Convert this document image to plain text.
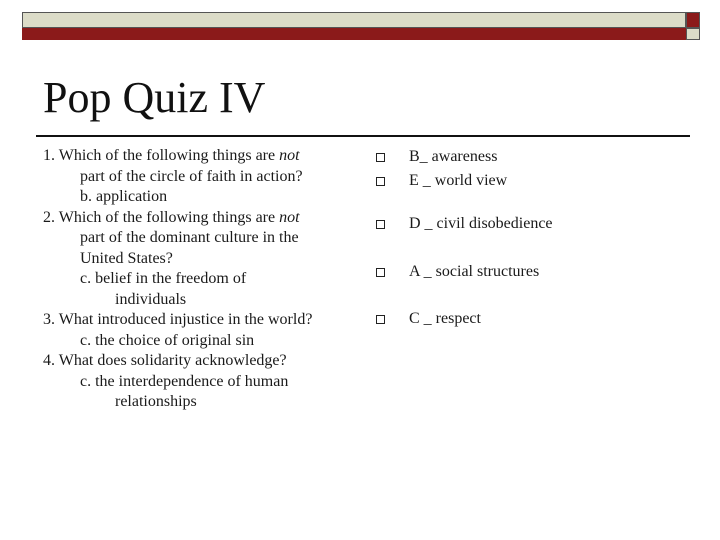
Pop Quiz IV
1. Which of the following things are not
part of the circle of faith in action?
b. application
2. Which of the following things are not
part of the dominant culture in the
United States?
c. belief in the freedom of
individuals
3. What introduced injustice in the world?
c. the choice of original sin
4. What does solidarity acknowledge?
c. the interdependence of human
relationships
B_ awareness
E _ world view
D _ civil disobedience
A _ social structures
C _ respect
